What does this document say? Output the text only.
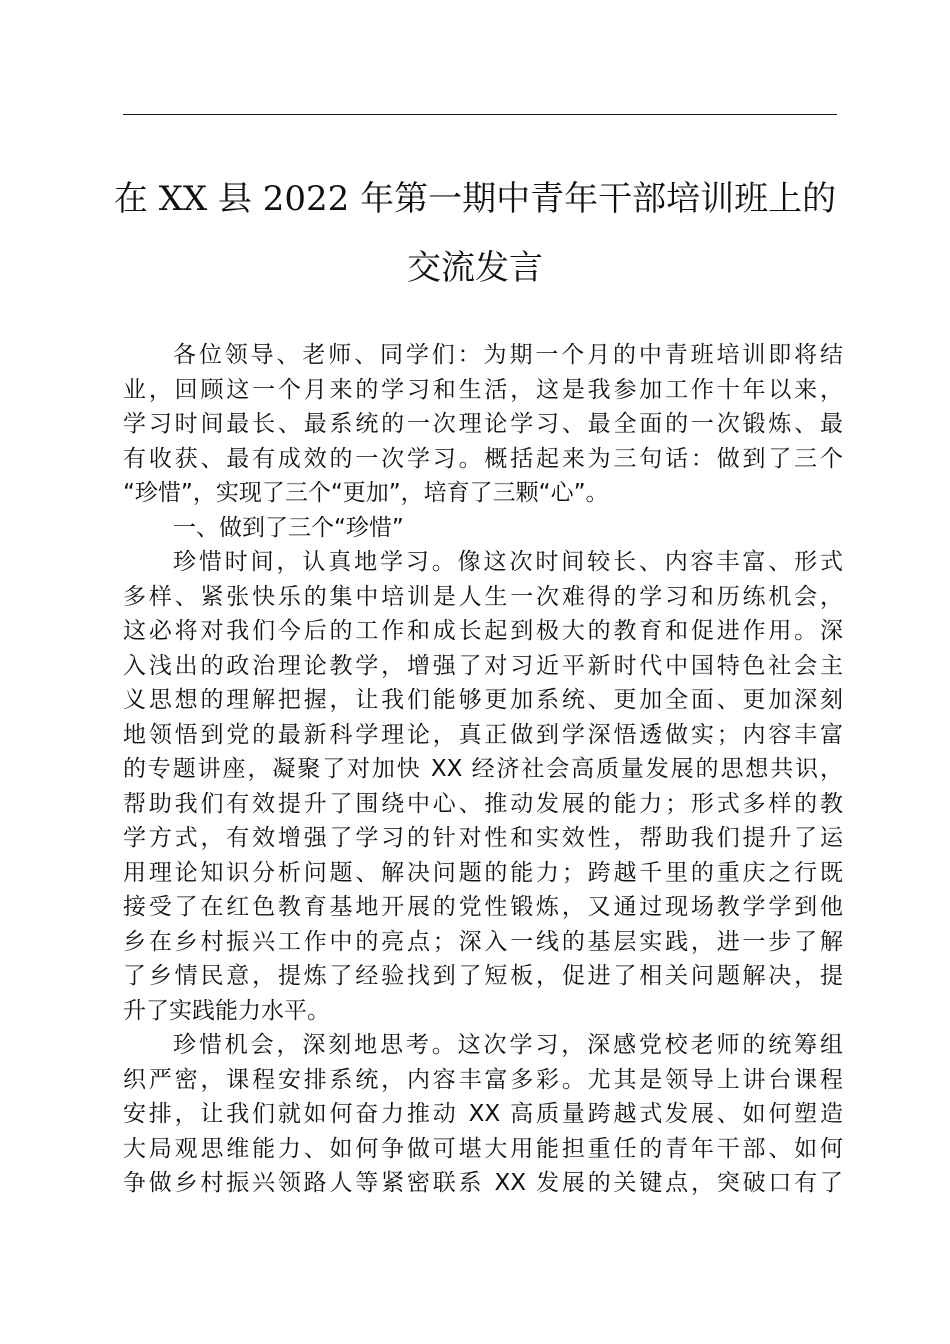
在 XX 县 2022 年第一期中青年干部培训班上的
交流发言
各位领导、老师、同学们：为期一个月的中青班培训即将结
业，回顾这一个月来的学习和生活，这是我参加工作十年以来，
学习时间最长、最系统的一次理论学习、最全面的一次锻炼、最
有收获、最有成效的一次学习。概括起来为三句话：做到了三个
“珍惜”，实现了三个“更加”，培育了三颗“心”。
一、做到了三个“珍惜”
珍惜时间，认真地学习。像这次时间较长、内容丰富、形式
多样、紧张快乐的集中培训是人生一次难得的学习和历练机会，
这必将对我们今后的工作和成长起到极大的教育和促进作用。深
入浅出的政治理论教学，增强了对习近平新时代中国特色社会主
义思想的理解把握，让我们能够更加系统、更加全面、更加深刻
地领悟到党的最新科学理论，真正做到学深悟透做实；内容丰富
的专题讲座，凝聚了对加快 XX 经济社会高质量发展的思想共识，
帮助我们有效提升了围绕中心、推动发展的能力；形式多样的教
学方式，有效增强了学习的针对性和实效性，帮助我们提升了运
用理论知识分析问题、解决问题的能力；跨越千里的重庆之行既
接受了在红色教育基地开展的党性锻炼，又通过现场教学学到他
乡在乡村振兴工作中的亮点；深入一线的基层实践，进一步了解
了乡情民意，提炼了经验找到了短板，促进了相关问题解决，提
升了实践能力水平。
珍惜机会，深刻地思考。这次学习，深感党校老师的统筹组
织严密，课程安排系统，内容丰富多彩。尤其是领导上讲台课程
安排，让我们就如何奋力推动 XX 高质量跨越式发展、如何塑造
大局观思维能力、如何争做可堪大用能担重任的青年干部、如何
争做乡村振兴领路人等紧密联系 XX 发展的关键点，突破口有了
